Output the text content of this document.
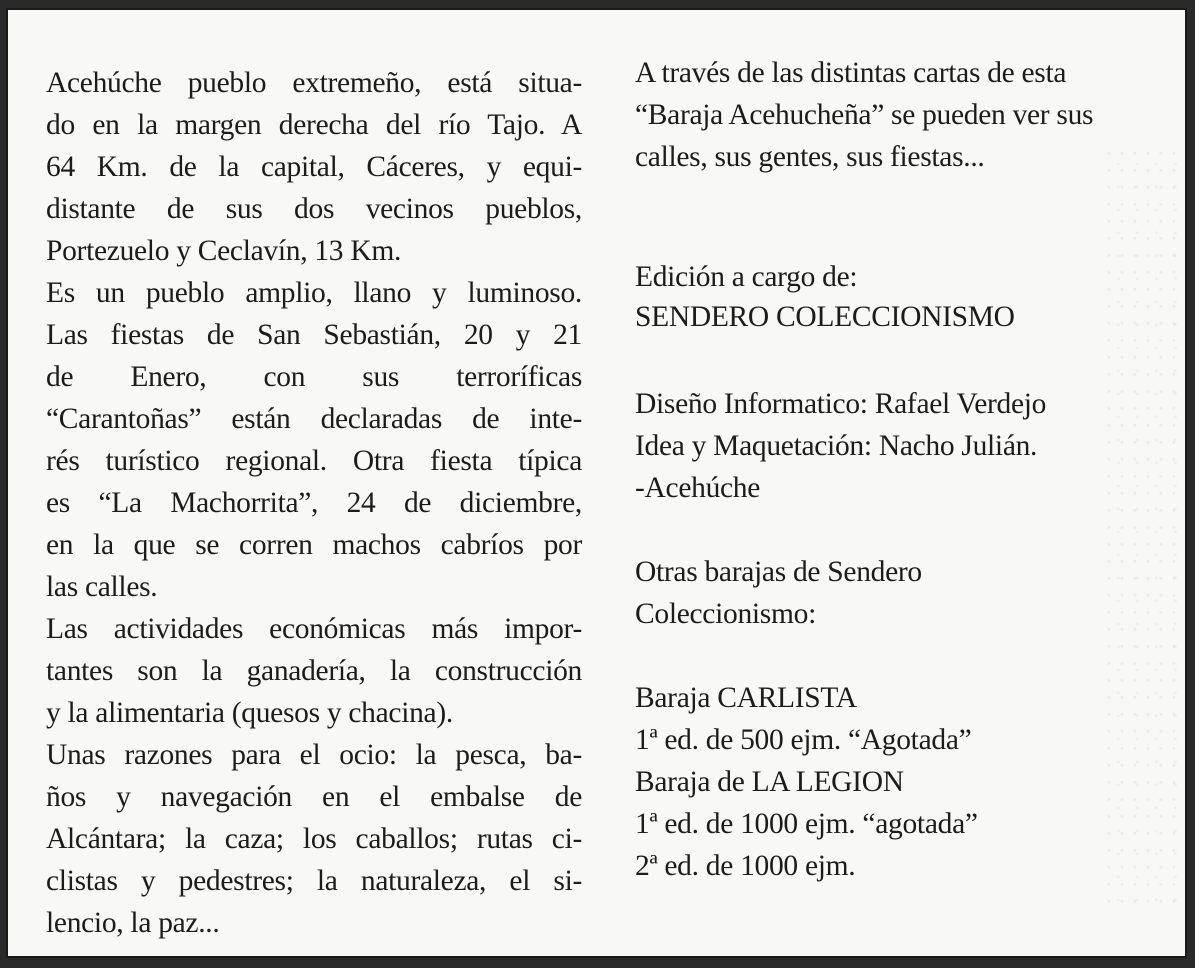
Acehúche pueblo extremeño, está situa-
do en la margen derecha del río Tajo. A
64 Km. de la capital, Cáceres, y equi-
distante de sus dos vecinos pueblos,
Portezuelo y Ceclavín, 13 Km.
Es un pueblo amplio, llano y luminoso.
Las fiestas de San Sebastián, 20 y 21
de Enero, con sus terroríficas
“Carantoñas” están declaradas de inte-
rés turístico regional. Otra fiesta típica
es “La Machorrita”, 24 de diciembre,
en la que se corren machos cabríos por
las calles.
Las actividades económicas más impor-
tantes son la ganadería, la construcción
y la alimentaria (quesos y chacina).
Unas razones para el ocio: la pesca, ba-
ños y navegación en el embalse de
Alcántara; la caza; los caballos; rutas ci-
clistas y pedestres; la naturaleza, el si-
lencio, la paz...
A través de las distintas cartas de esta
“Baraja Acehucheña” se pueden ver sus
calles, sus gentes, sus fiestas...
Edición a cargo de:
SENDERO COLECCIONISMO
Diseño Informatico: Rafael Verdejo
Idea y Maquetación: Nacho Julián.
-Acehúche
Otras barajas de Sendero
Coleccionismo:
Baraja CARLISTA
1ª ed. de 500 ejm. “Agotada”
Baraja de LA LEGION
1ª ed. de 1000 ejm. “agotada”
2ª ed. de 1000 ejm.
